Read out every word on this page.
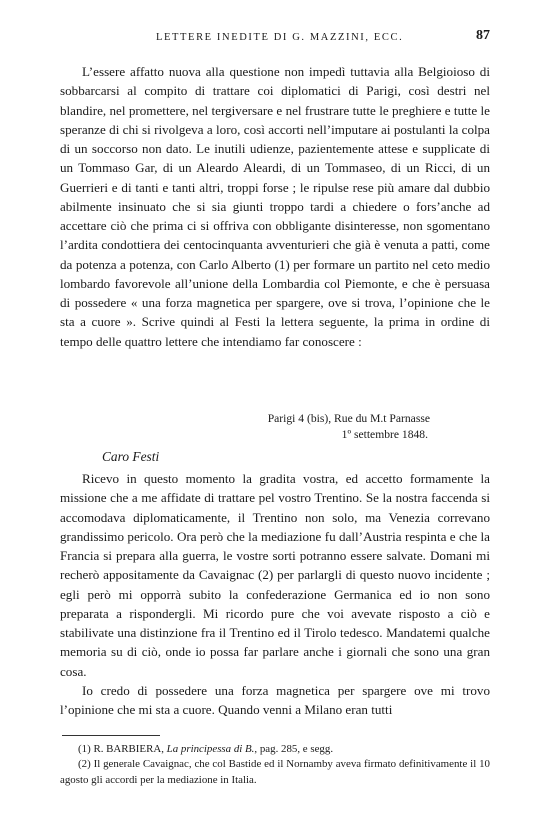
LETTERE INEDITE DI G. MAZZINI, ECC.	87

L’essere affatto nuova alla questione non impedì tuttavia alla Belgioioso di sobbarcarsi al compito di trattare coi diplomatici di Parigi, così destri nel blandire, nel promettere, nel tergiversare e nel frustrare tutte le preghiere e tutte le speranze di chi si rivolgeva a loro, così accorti nell’imputare ai postulanti la colpa di un soccorso non dato. Le inutili udienze, pazientemente attese e supplicate di un Tommaso Gar, di un Aleardo Aleardi, di un Tommaseo, di un Ricci, di un Guerrieri e di tanti e tanti altri, troppi forse ; le ripulse rese più amare dal dubbio abilmente insinuato che si sia giunti troppo tardi a chiedere o fors’anche ad accettare ciò che prima ci si offriva con obbligante disinteresse, non sgomentano l’ardita condottiera dei centocinquanta avventurieri che già è venuta a patti, come da potenza a potenza, con Carlo Alberto (1) per formare un partito nel ceto medio lombardo favorevole all’unione della Lombardia col Piemonte, e che è persuasa di possedere « una forza magnetica per spargere, ove si trova, l’opinione che le sta a cuore ». Scrive quindi al Festi la lettera seguente, la prima in ordine di tempo delle quattro lettere che intendiamo far conoscere :

Parigi 4 (bis), Rue du M.t Parnasse
1º settembre 1848.
Caro Festi

Ricevo in questo momento la gradita vostra, ed accetto formamente la missione che a me affidate di trattare pel vostro Trentino. Se la nostra faccenda si accomodava diplomaticamente, il Trentino non solo, ma Venezia correvano grandissimo pericolo. Ora però che la mediazione fu dall’Austria respinta e che la Francia si prepara alla guerra, le vostre sorti potranno essere salvate. Domani mi recherò appositamente da Cavaignac (2) per parlargli di questo nuovo incidente ; egli però mi opporrà subito la confederazione Germanica ed io non sono preparata a rispondergli. Mi ricordo pure che voi avevate risposto a ciò e stabilivate una distinzione fra il Trentino ed il Tirolo tedesco. Mandatemi qualche memoria su di ciò, onde io possa far parlare anche i giornali che sono una gran cosa.

Io credo di possedere una forza magnetica per spargere ove mi trovo l’opinione che mi sta a cuore. Quando venni a Milano eran tutti

(1) R. BARBIERA, La principessa di B., pag. 285, e segg.

(2) Il generale Cavaignac, che col Bastide ed il Nornamby aveva firmato definitivamente il 10 agosto gli accordi per la mediazione in Italia.
